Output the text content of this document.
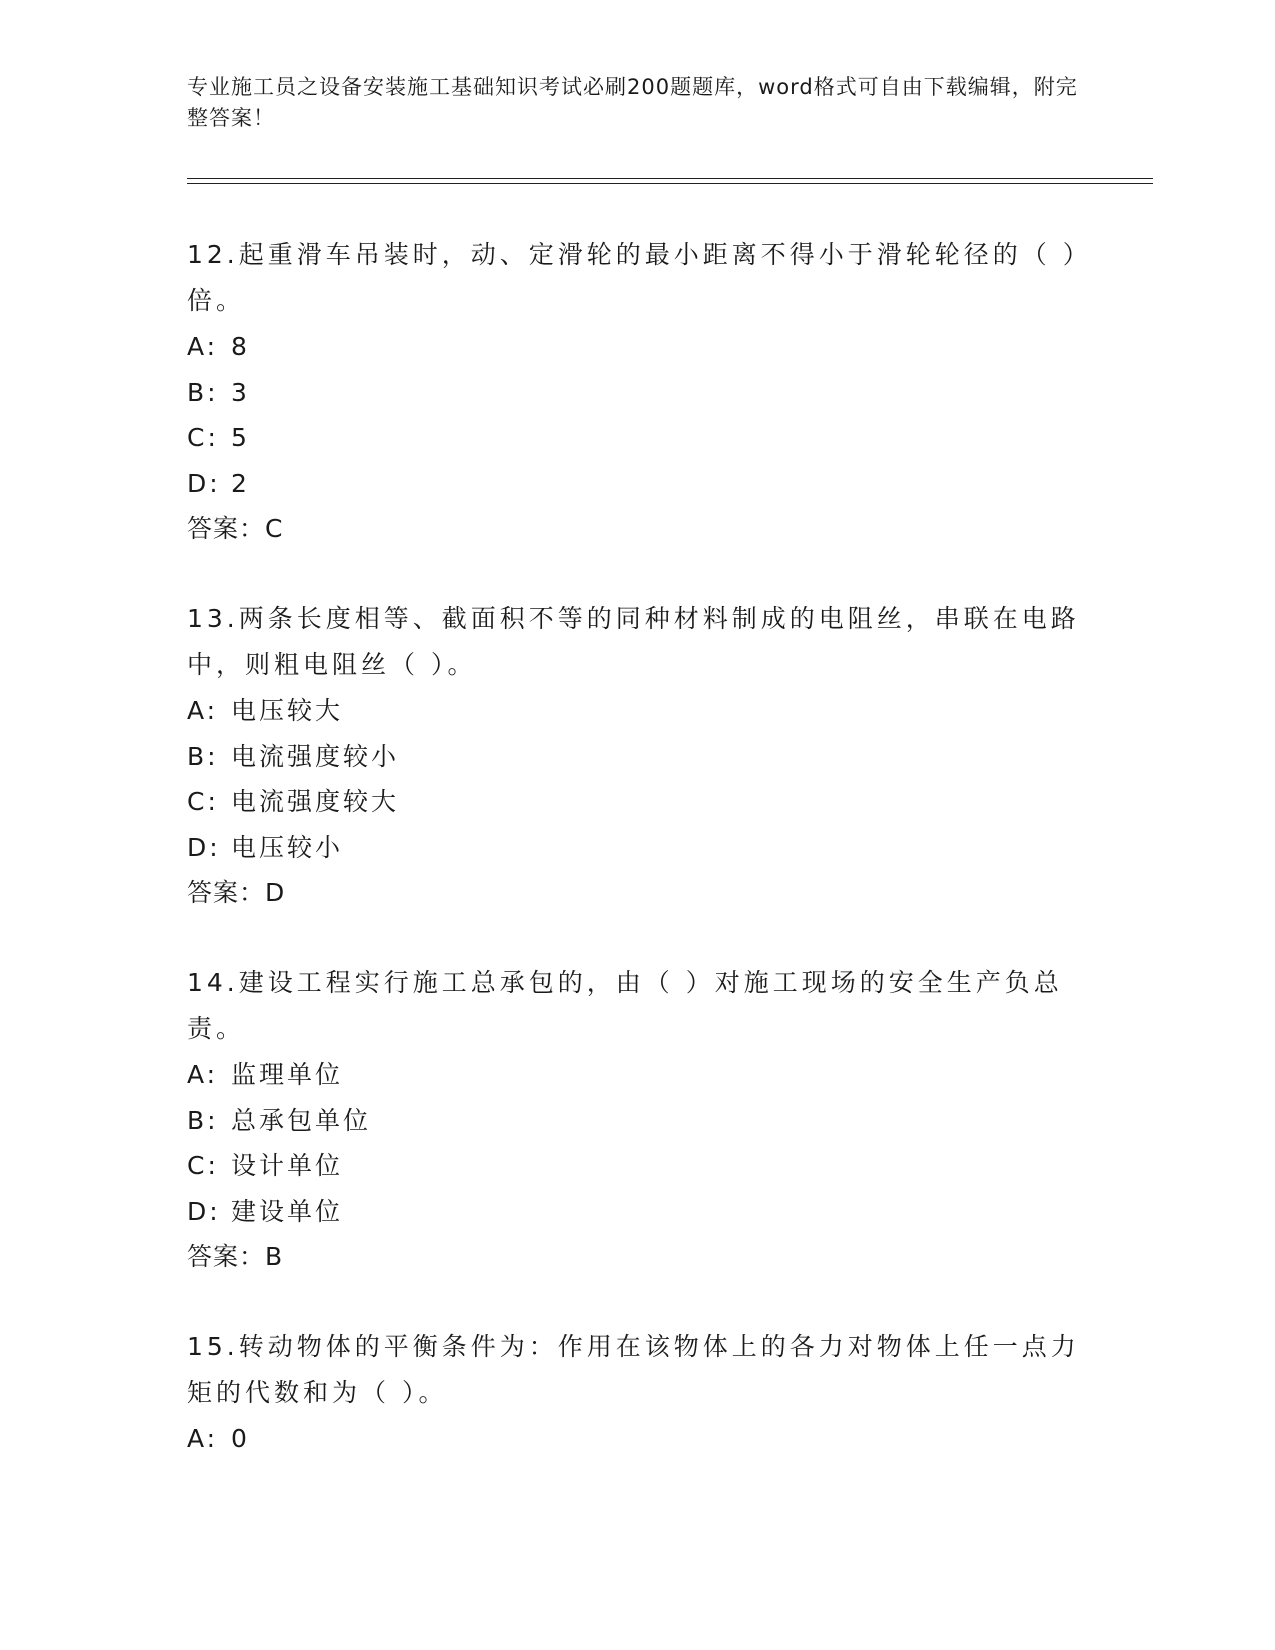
专业施工员之设备安装施工基础知识考试必刷200题题库，word格式可自由下载编辑，附完整答案！

12.起重滑车吊装时，动、定滑轮的最小距离不得小于滑轮轮径的（ ）倍。

A: 8

B: 3

C: 5

D: 2

答案：C

13.两条长度相等、截面积不等的同种材料制成的电阻丝，串联在电路中，则粗电阻丝（ ）。

A: 电压较大

B: 电流强度较小

C: 电流强度较大

D: 电压较小

答案：D

14.建设工程实行施工总承包的，由（ ）对施工现场的安全生产负总责。

A: 监理单位

B: 总承包单位

C: 设计单位

D: 建设单位

答案：B

15.转动物体的平衡条件为：作用在该物体上的各力对物体上任一点力矩的代数和为（ ）。

A: 0
